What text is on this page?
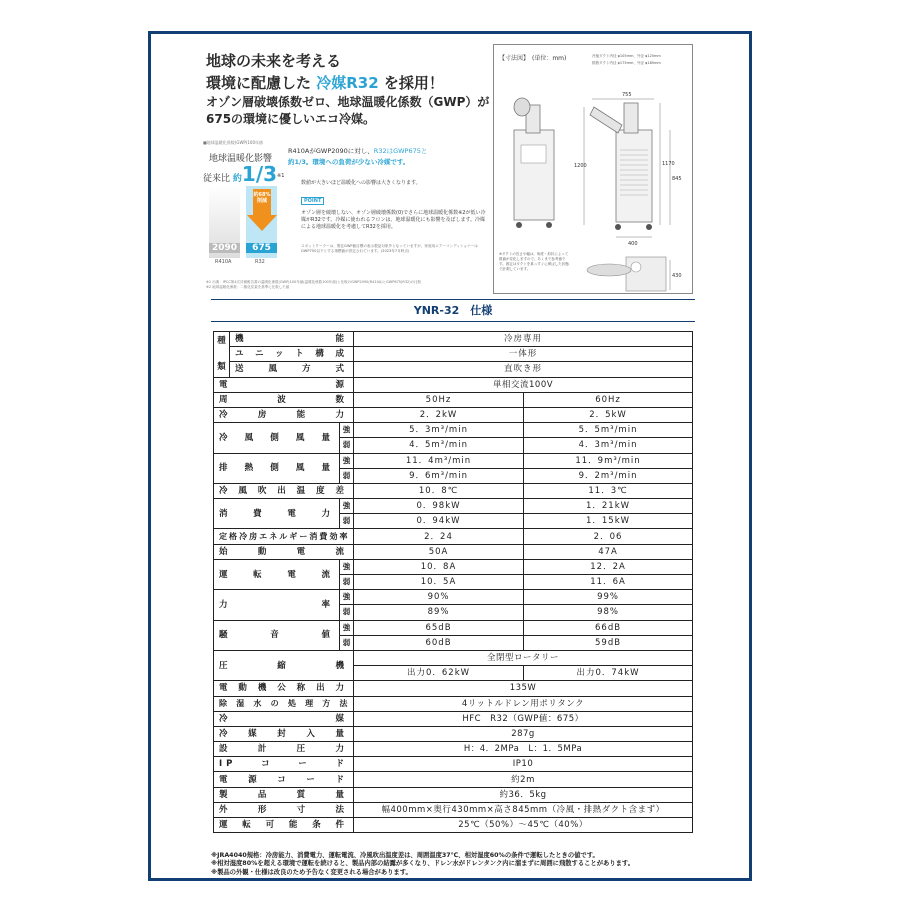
地球の未来を考える
環境に配慮した 冷媒R32 を採用！
オゾン層破壊係数ゼロ、地球温暖化係数（GWP）が
675の環境に優しいエコ冷媒。
■地球温暖化係数(GWP)100年値
地球温暖化影響
従来比 約1/3$^{※1}$
2090	675
約68%
削減
R410A	R32
R410AがGWP2090に対し、R32はGWP675と
約1/3。環境への負荷が少ない冷媒です。
数値が大きいほど温暖化への影響は大きくなります。
POINT
オゾン層を破壊しない、オゾン層破壊係数(0)でさらに地球温暖化係数※2が低い冷媒がR32です。冷媒に使われるフロンは、地球温暖化にも影響を及ぼします。冷媒による地球温暖化を考慮してR32を採用。
スポットクーラーは、既往GWP値目標の表示製品対象外となっていますが、家庭用エアーコンディショナーはGWP750以下とする指標値が設定されています。(2023年7月時点)
※1 出典：IPCC第4次評価報告書の温暖化係数(GWP)100年値(温暖化係数100年値)と比較のGWP2090(R410A)とGWP675(R32)の比較
※2 地球温暖化係数：二酸化炭素を基準に比較した値
【寸法図】　(単位：mm)	冷風ダクト内径 φ105mm、外径 φ125mm
排熱ダクト内径 φ175mm、外径 φ185mm
755
1200	1170
845
400
430
※ダクトの長さや幅は、角度・形状によって数値が変化しますので、あくまで参考値です。固定はダクトを真っすぐに伸ばした状態で計測しています。
YNR-32　仕様
種
類	機能		冷房専用	
	ユニット構成		一体形	
	送風方式		直吹き形	
電源			単相交流100V	
周波数			50Hz	60Hz
冷房能力			2．2kW	2．5kW
冷風側風量		強	5．3m³/min	5．5m³/min
		弱	4．5m³/min	4．3m³/min
排熱側風量		強	11．4m³/min	11．9m³/min
		弱	9．6m³/min	9．2m³/min
冷風吹出温度差			10．8℃	11．3℃
消費電力		強	0．98kW	1．21kW
		弱	0．94kW	1．15kW
定格冷房エネルギー消費効率			2．24	2．06
始動電流			50A	47A
運転電流		強	10．8A	12．2A
		弱	10．5A	11．6A
力率		強	90%	99%
		弱	89%	98%
騒音値		強	65dB	66dB
		弱	60dB	59dB
圧縮機			全閉型ロータリー	
			出力0．62kW	出力0．74kW
電動機公称出力			135W	
除湿水の処理方法			4リットルドレン用ポリタンク	
冷媒			HFC　R32（GWP値：675）	
冷媒封入量			287g	
設計圧力			H：4．2MPa　L：1．5MPa	
IPコード			IP10	
電源コード			約2m	
製品質量			約36．5kg	
外形寸法			幅400mm×奥行430mm×高さ845mm（冷風・排熱ダクト含まず）	
運転可能条件			25℃（50%）～45℃（40%）	
※JRA4040規格：冷房能力、消費電力、運転電流、冷風吹出温度差は、周囲温度37℃、相対湿度60%の条件で運転したときの値です。
※相対湿度80%を超える環境で運転を続けると、製品内部の結露が多くなり、ドレン水がドレンタンク内に溜まずに周囲に飛散することがあります。
※製品の外観・仕様は改良のため予告なく変更される場合があります。
